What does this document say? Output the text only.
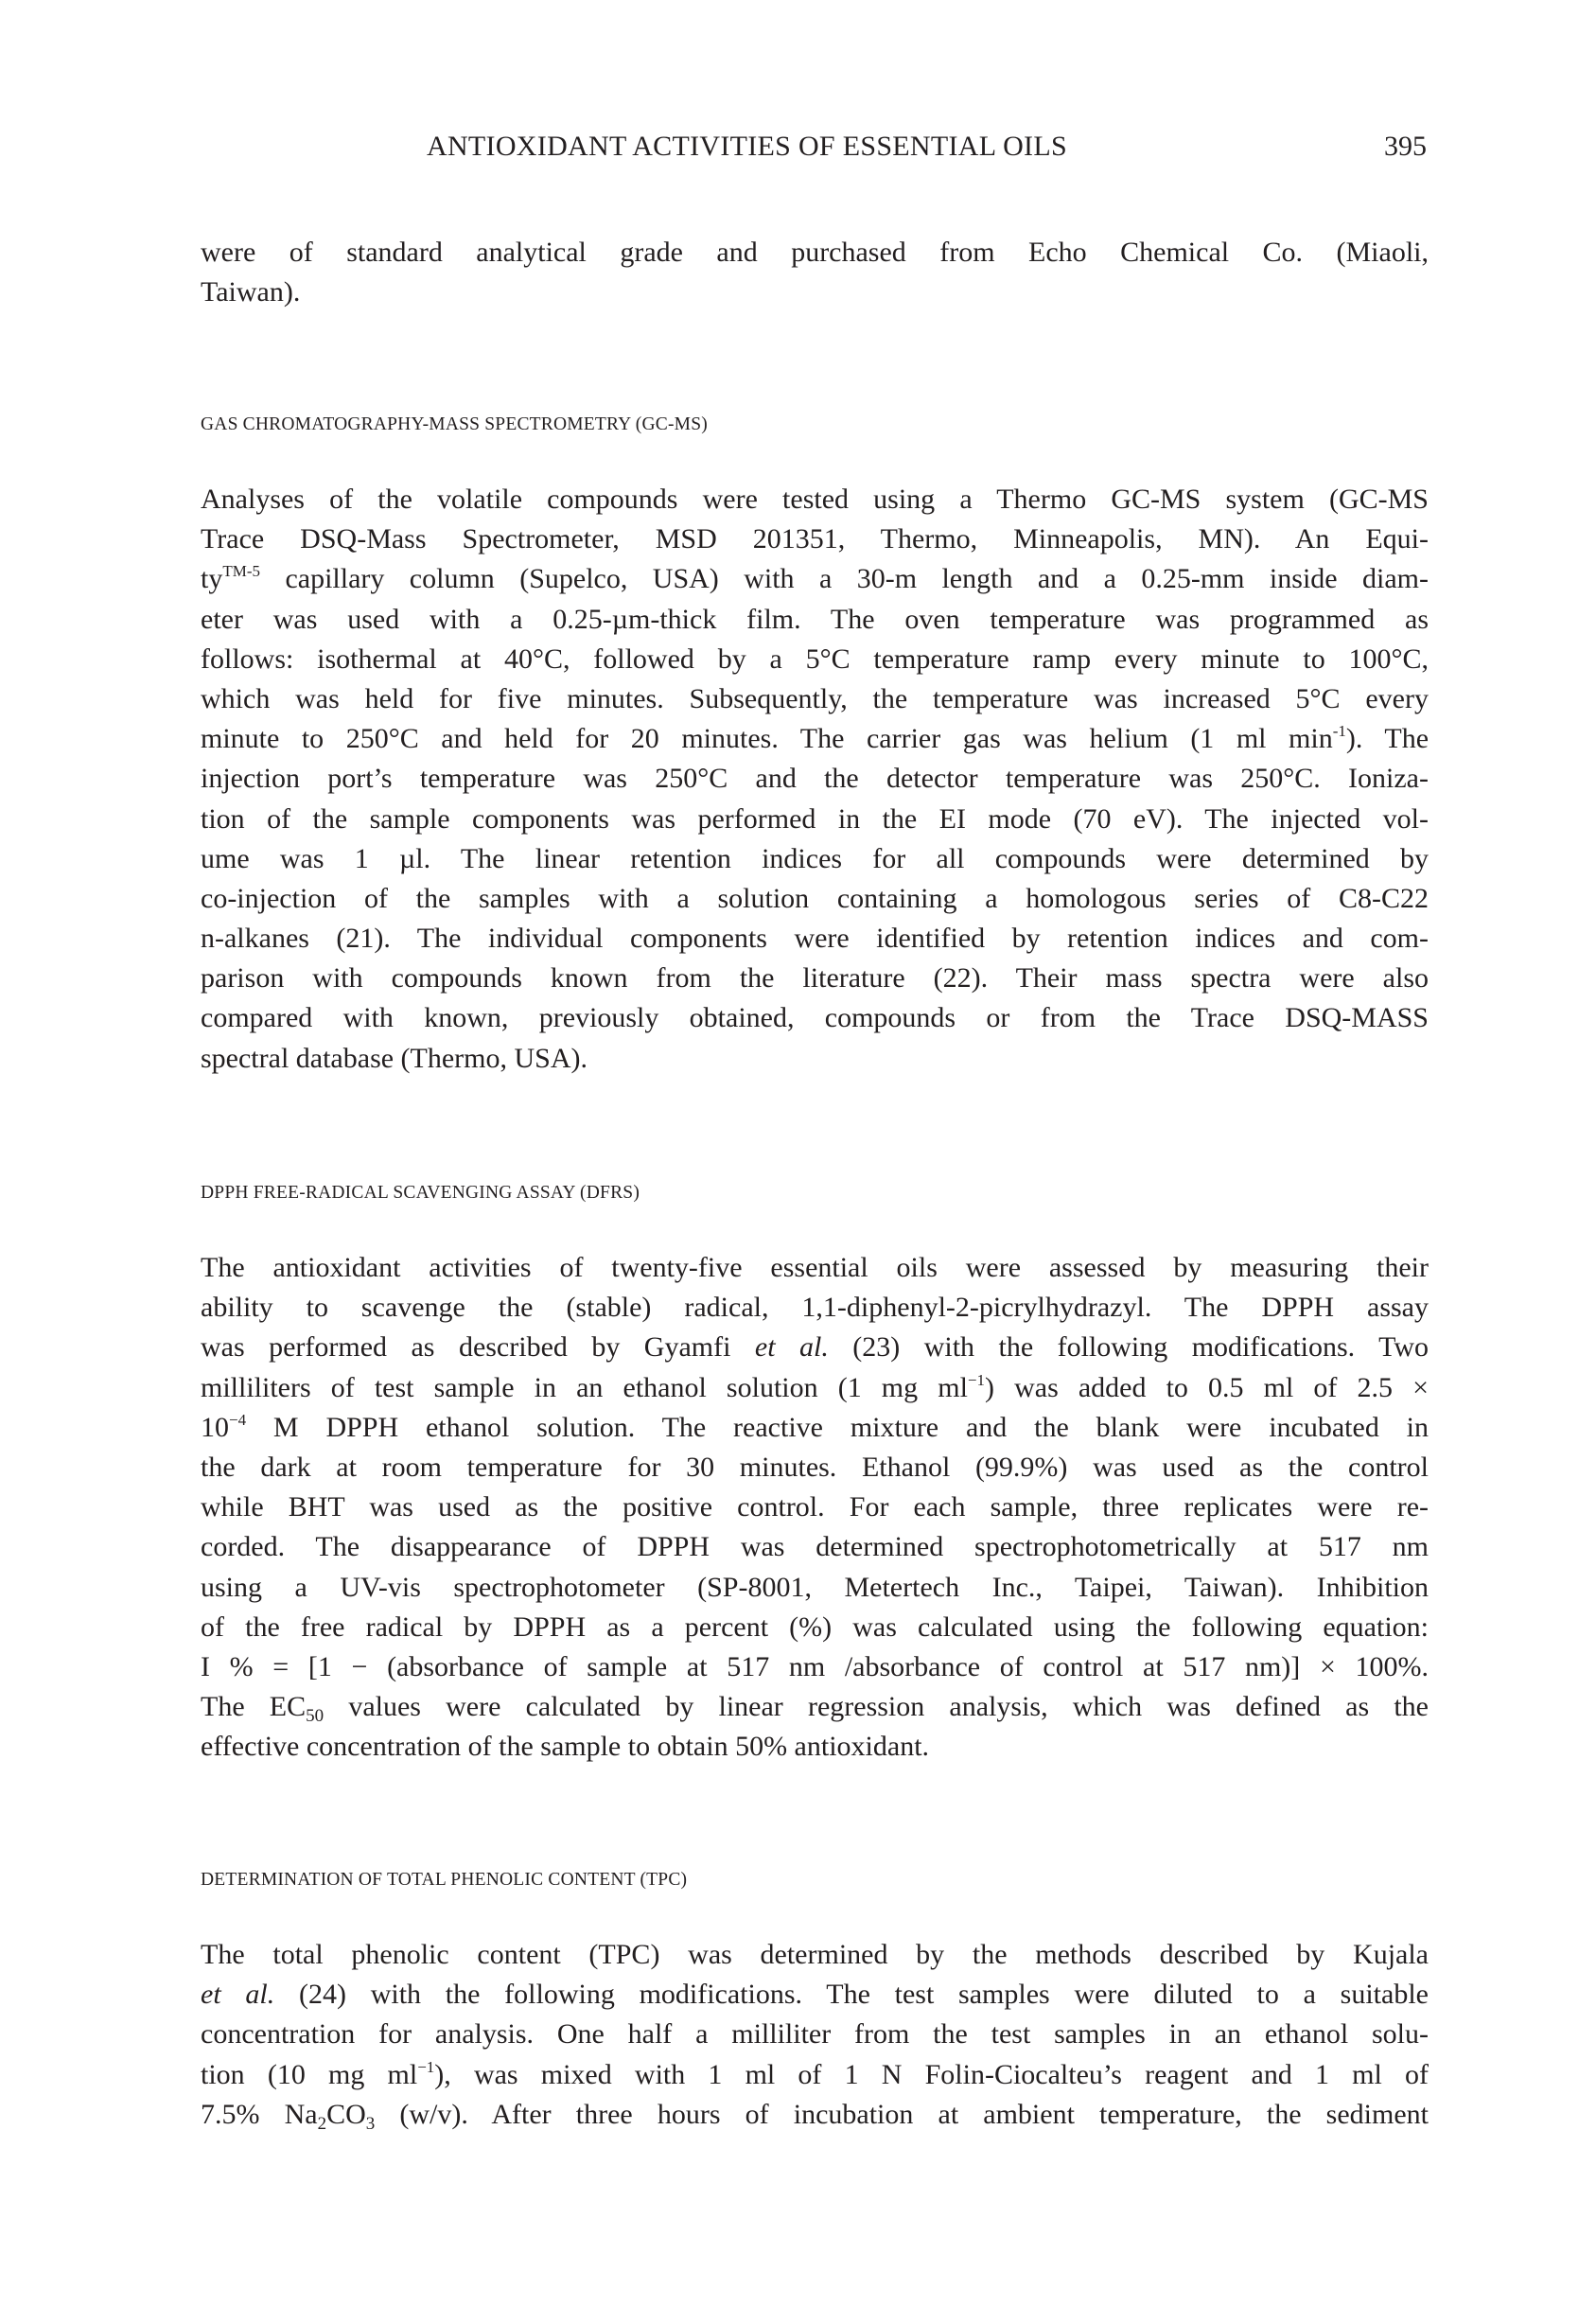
ANTIOXIDANT ACTIVITIES OF ESSENTIAL OILS	395
were of standard analytical grade and purchased from Echo Chemical Co. (Miaoli,
Taiwan).
GAS CHROMATOGRAPHY-MASS SPECTROMETRY (GC-MS)
Analyses of the volatile compounds were tested using a Thermo GC-MS system (GC-MS
Trace DSQ-Mass Spectrometer, MSD 201351, Thermo, Minneapolis, MN). An Equi-
$ty^{TM-5}$ capillary column (Supelco, USA) with a 30-m length and a 0.25-mm inside diam-
eter was used with a 0.25-µm-thick film. The oven temperature was programmed as
follows: isothermal at 40°C, followed by a 5°C temperature ramp every minute to 100°C,
which was held for five minutes. Subsequently, the temperature was increased 5°C every
minute to 250°C and held for 20 minutes. The carrier gas was helium (1 ml $\min^{-1}$). The
injection port’s temperature was 250°C and the detector temperature was 250°C. Ioniza-
tion of the sample components was performed in the EI mode (70 eV). The injected vol-
ume was 1 µl. The linear retention indices for all compounds were determined by
co-injection of the samples with a solution containing a homologous series of C8-C22
n-alkanes (21). The individual components were identified by retention indices and com-
parison with compounds known from the literature (22). Their mass spectra were also
compared with known, previously obtained, compounds or from the Trace DSQ-MASS
spectral database (Thermo, USA).
DPPH FREE-RADICAL SCAVENGING ASSAY (DFRS)
The antioxidant activities of twenty-five essential oils were assessed by measuring their
ability to scavenge the (stable) radical, 1,1-diphenyl-2-picrylhydrazyl. The DPPH assay
was performed as described by Gyamfi et al. (23) with the following modifications. Two
milliliters of test sample in an ethanol solution (1 mg $ml^{-1}$) was added to 0.5 ml of 2.5 ×
$10^{-4}$ M DPPH ethanol solution. The reactive mixture and the blank were incubated in
the dark at room temperature for 30 minutes. Ethanol (99.9%) was used as the control
while BHT was used as the positive control. For each sample, three replicates were re-
corded. The disappearance of DPPH was determined spectrophotometrically at 517 nm
using a UV-vis spectrophotometer (SP-8001, Metertech Inc., Taipei, Taiwan). Inhibition
of the free radical by DPPH as a percent (%) was calculated using the following equation:
I % = [1 − (absorbance of sample at 517 nm /absorbance of control at 517 nm)] × 100%.
The $EC_{50}$ values were calculated by linear regression analysis, which was defined as the
effective concentration of the sample to obtain 50% antioxidant.
DETERMINATION OF TOTAL PHENOLIC CONTENT (TPC)
The total phenolic content (TPC) was determined by the methods described by Kujala
et al. (24) with the following modifications. The test samples were diluted to a suitable
concentration for analysis. One half a milliliter from the test samples in an ethanol solu-
tion (10 mg $ml^{-1}$), was mixed with 1 ml of 1 N Folin-Ciocalteu’s reagent and 1 ml of
7.5% $Na_2CO_3$ (w/v). After three hours of incubation at ambient temperature, the sediment
